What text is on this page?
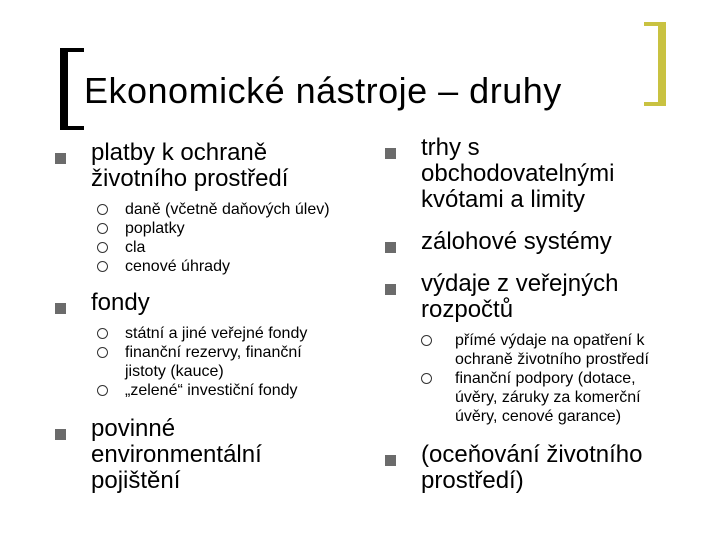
Ekonomické nástroje – druhy
platby k ochraně životního prostředí
daně (včetně daňových úlev)
poplatky
cla
cenové úhrady
fondy
státní a jiné veřejné fondy
finanční rezervy, finanční jistoty (kauce)
„zelené“ investiční fondy
povinné environmentální pojištění
trhy s obchodovatelnými kvótami a limity
zálohové systémy
výdaje z veřejných rozpočtů
přímé výdaje na opatření k ochraně životního prostředí
finanční podpory (dotace, úvěry, záruky za komerční úvěry, cenové garance)
(oceňování životního prostředí)
